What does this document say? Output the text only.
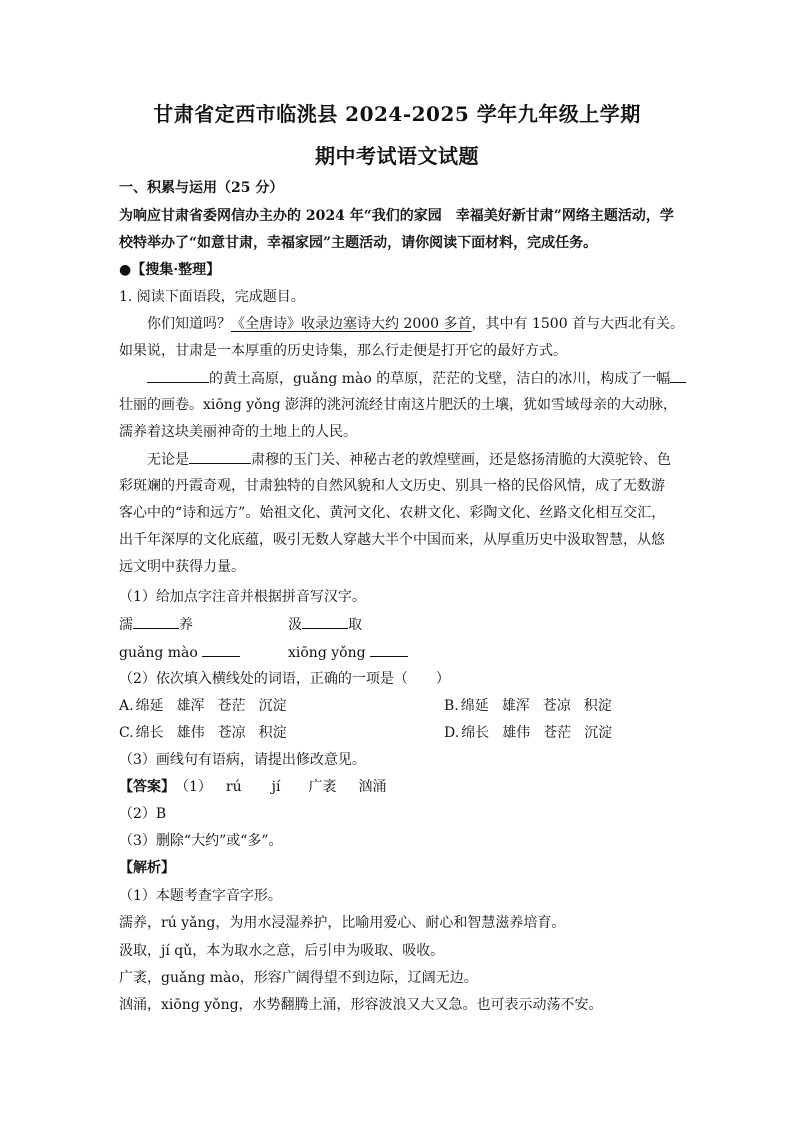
甘肃省定西市临洮县 2024-2025 学年九年级上学期
期中考试语文试题
一、积累与运用（25 分）
为响应甘肃省委网信办主办的 2024 年“我们的家园　幸福美好新甘肃”网络主题活动，学
校特举办了“如意甘肃，幸福家园”主题活动，请你阅读下面材料，完成任务。
●【搜集·整理】
1. 阅读下面语段，完成题目。
你们知道吗？《全唐诗》收录边塞诗大约 2000 多首，其中有 1500 首与大西北有关。
如果说，甘肃是一本厚重的历史诗集，那么行走便是打开它的最好方式。
的黄土高原，guǎng mào 的草原，茫茫的戈壁，洁白的冰川，构成了一幅
壮丽的画卷。xiōng yǒng 澎湃的洮河流经甘南这片肥沃的土壤，犹如雪域母亲的大动脉，
濡养着这块美丽神奇的土地上的人民。
无论是	肃穆的玉门关、神秘古老的敦煌壁画，还是悠扬清脆的大漠驼铃、色
彩斑斓的丹霞奇观，甘肃独特的自然风貌和人文历史、别具一格的民俗风情，成了无数游
客心中的“诗和远方”。始祖文化、黄河文化、农耕文化、彩陶文化、丝路文化相互交汇，
出千年深厚的文化底蕴，吸引无数人穿越大半个中国而来，从厚重历史中汲取智慧，从悠
远文明中获得力量。
（1）给加点字注音并根据拼音写汉字。
濡	养	汲	取
guǎng mào	xiōng yǒng
（2）依次填入横线处的词语，正确的一项是（　　）
A. 绵延 雄浑 苍茫 沉淀	B. 绵延 雄浑 苍凉 积淀
C. 绵长 雄伟 苍凉 积淀	D. 绵长 雄伟 苍茫 沉淀
（3）画线句有语病，请提出修改意见。
【答案】（1） rú jí 广袤 汹涌
（2）B
（3）删除“大约”或“多”。
【解析】
（1）本题考查字音字形。
濡养，rú yǎng，为用水浸湿养护，比喻用爱心、耐心和智慧滋养培育。
汲取，jí qǔ，本为取水之意，后引申为吸取、吸收。
广袤，guǎng mào，形容广阔得望不到边际，辽阔无边。
汹涌，xiōng yǒng，水势翻腾上涌，形容波浪又大又急。也可表示动荡不安。
